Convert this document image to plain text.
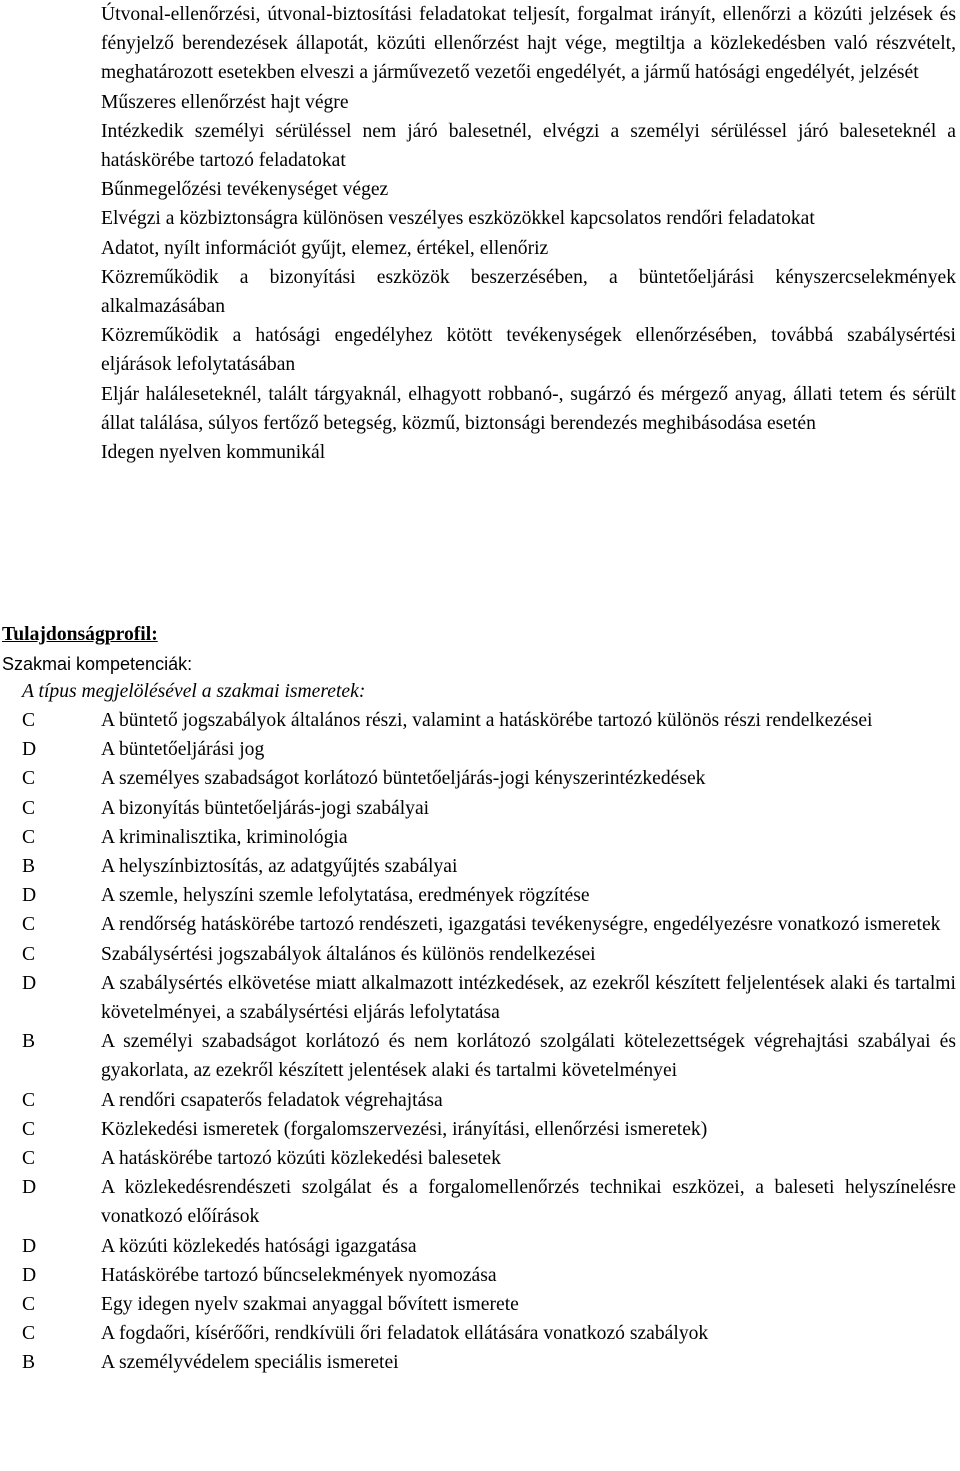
Útvonal-ellenőrzési, útvonal-biztosítási feladatokat teljesít, forgalmat irányít, ellenőrzi a közúti jelzések és fényjelző berendezések állapotát, közúti ellenőrzést hajt vége, megtiltja a közlekedésben való részvételt, meghatározott esetekben elveszi a járművezető vezetői engedélyét, a jármű hatósági engedélyét, jelzését
Műszeres ellenőrzést hajt végre
Intézkedik személyi sérüléssel nem járó balesetnél, elvégzi a személyi sérüléssel járó baleseteknél a hatáskörébe tartozó feladatokat
Bűnmegelőzési tevékenységet végez
Elvégzi a közbiztonságra különösen veszélyes eszközökkel kapcsolatos rendőri feladatokat
Adatot, nyílt információt gyűjt, elemez, értékel, ellenőriz
Közreműködik a bizonyítási eszközök beszerzésében, a büntetőeljárási kényszercselekmények alkalmazásában
Közreműködik a hatósági engedélyhez kötött tevékenységek ellenőrzésében, továbbá szabálysértési eljárások lefolytatásában
Eljár haláleseteknél, talált tárgyaknál, elhagyott robbanó-, sugárzó és mérgező anyag, állati tetem és sérült állat találása, súlyos fertőző betegség, közmű, biztonsági berendezés meghibásodása esetén
Idegen nyelven kommunikál
Tulajdonságprofil:
Szakmai kompetenciák:
A típus megjelölésével a szakmai ismeretek:
C	A büntető jogszabályok általános részi, valamint a hatáskörébe tartozó különös részi rendelkezései
D	A büntetőeljárási jog
C	A személyes szabadságot korlátozó büntetőeljárás-jogi kényszerintézkedések
C	A bizonyítás büntetőeljárás-jogi szabályai
C	A kriminalisztika, kriminológia
B	A helyszínbiztosítás, az adatgyűjtés szabályai
D	A szemle, helyszíni szemle lefolytatása, eredmények rögzítése
C	A rendőrség hatáskörébe tartozó rendészeti, igazgatási tevékenységre, engedélyezésre vonatkozó ismeretek
C	Szabálysértési jogszabályok általános és különös rendelkezései
D	A szabálysértés elkövetése miatt alkalmazott intézkedések, az ezekről készített feljelentések alaki és tartalmi követelményei, a szabálysértési eljárás lefolytatása
B	A személyi szabadságot korlátozó és nem korlátozó szolgálati kötelezettségek végrehajtási szabályai és gyakorlata, az ezekről készített jelentések alaki és tartalmi követelményei
C	A rendőri csapaterős feladatok végrehajtása
C	Közlekedési ismeretek (forgalomszervezési, irányítási, ellenőrzési ismeretek)
C	A hatáskörébe tartozó közúti közlekedési balesetek
D	A közlekedésrendészeti szolgálat és a forgalomellenőrzés technikai eszközei, a baleseti helyszínelésre vonatkozó előírások
D	A közúti közlekedés hatósági igazgatása
D	Hatáskörébe tartozó bűncselekmények nyomozása
C	Egy idegen nyelv szakmai anyaggal bővített ismerete
C	A fogdaőri, kísérőőri, rendkívüli őri feladatok ellátására vonatkozó szabályok
B	A személyvédelem speciális ismeretei
